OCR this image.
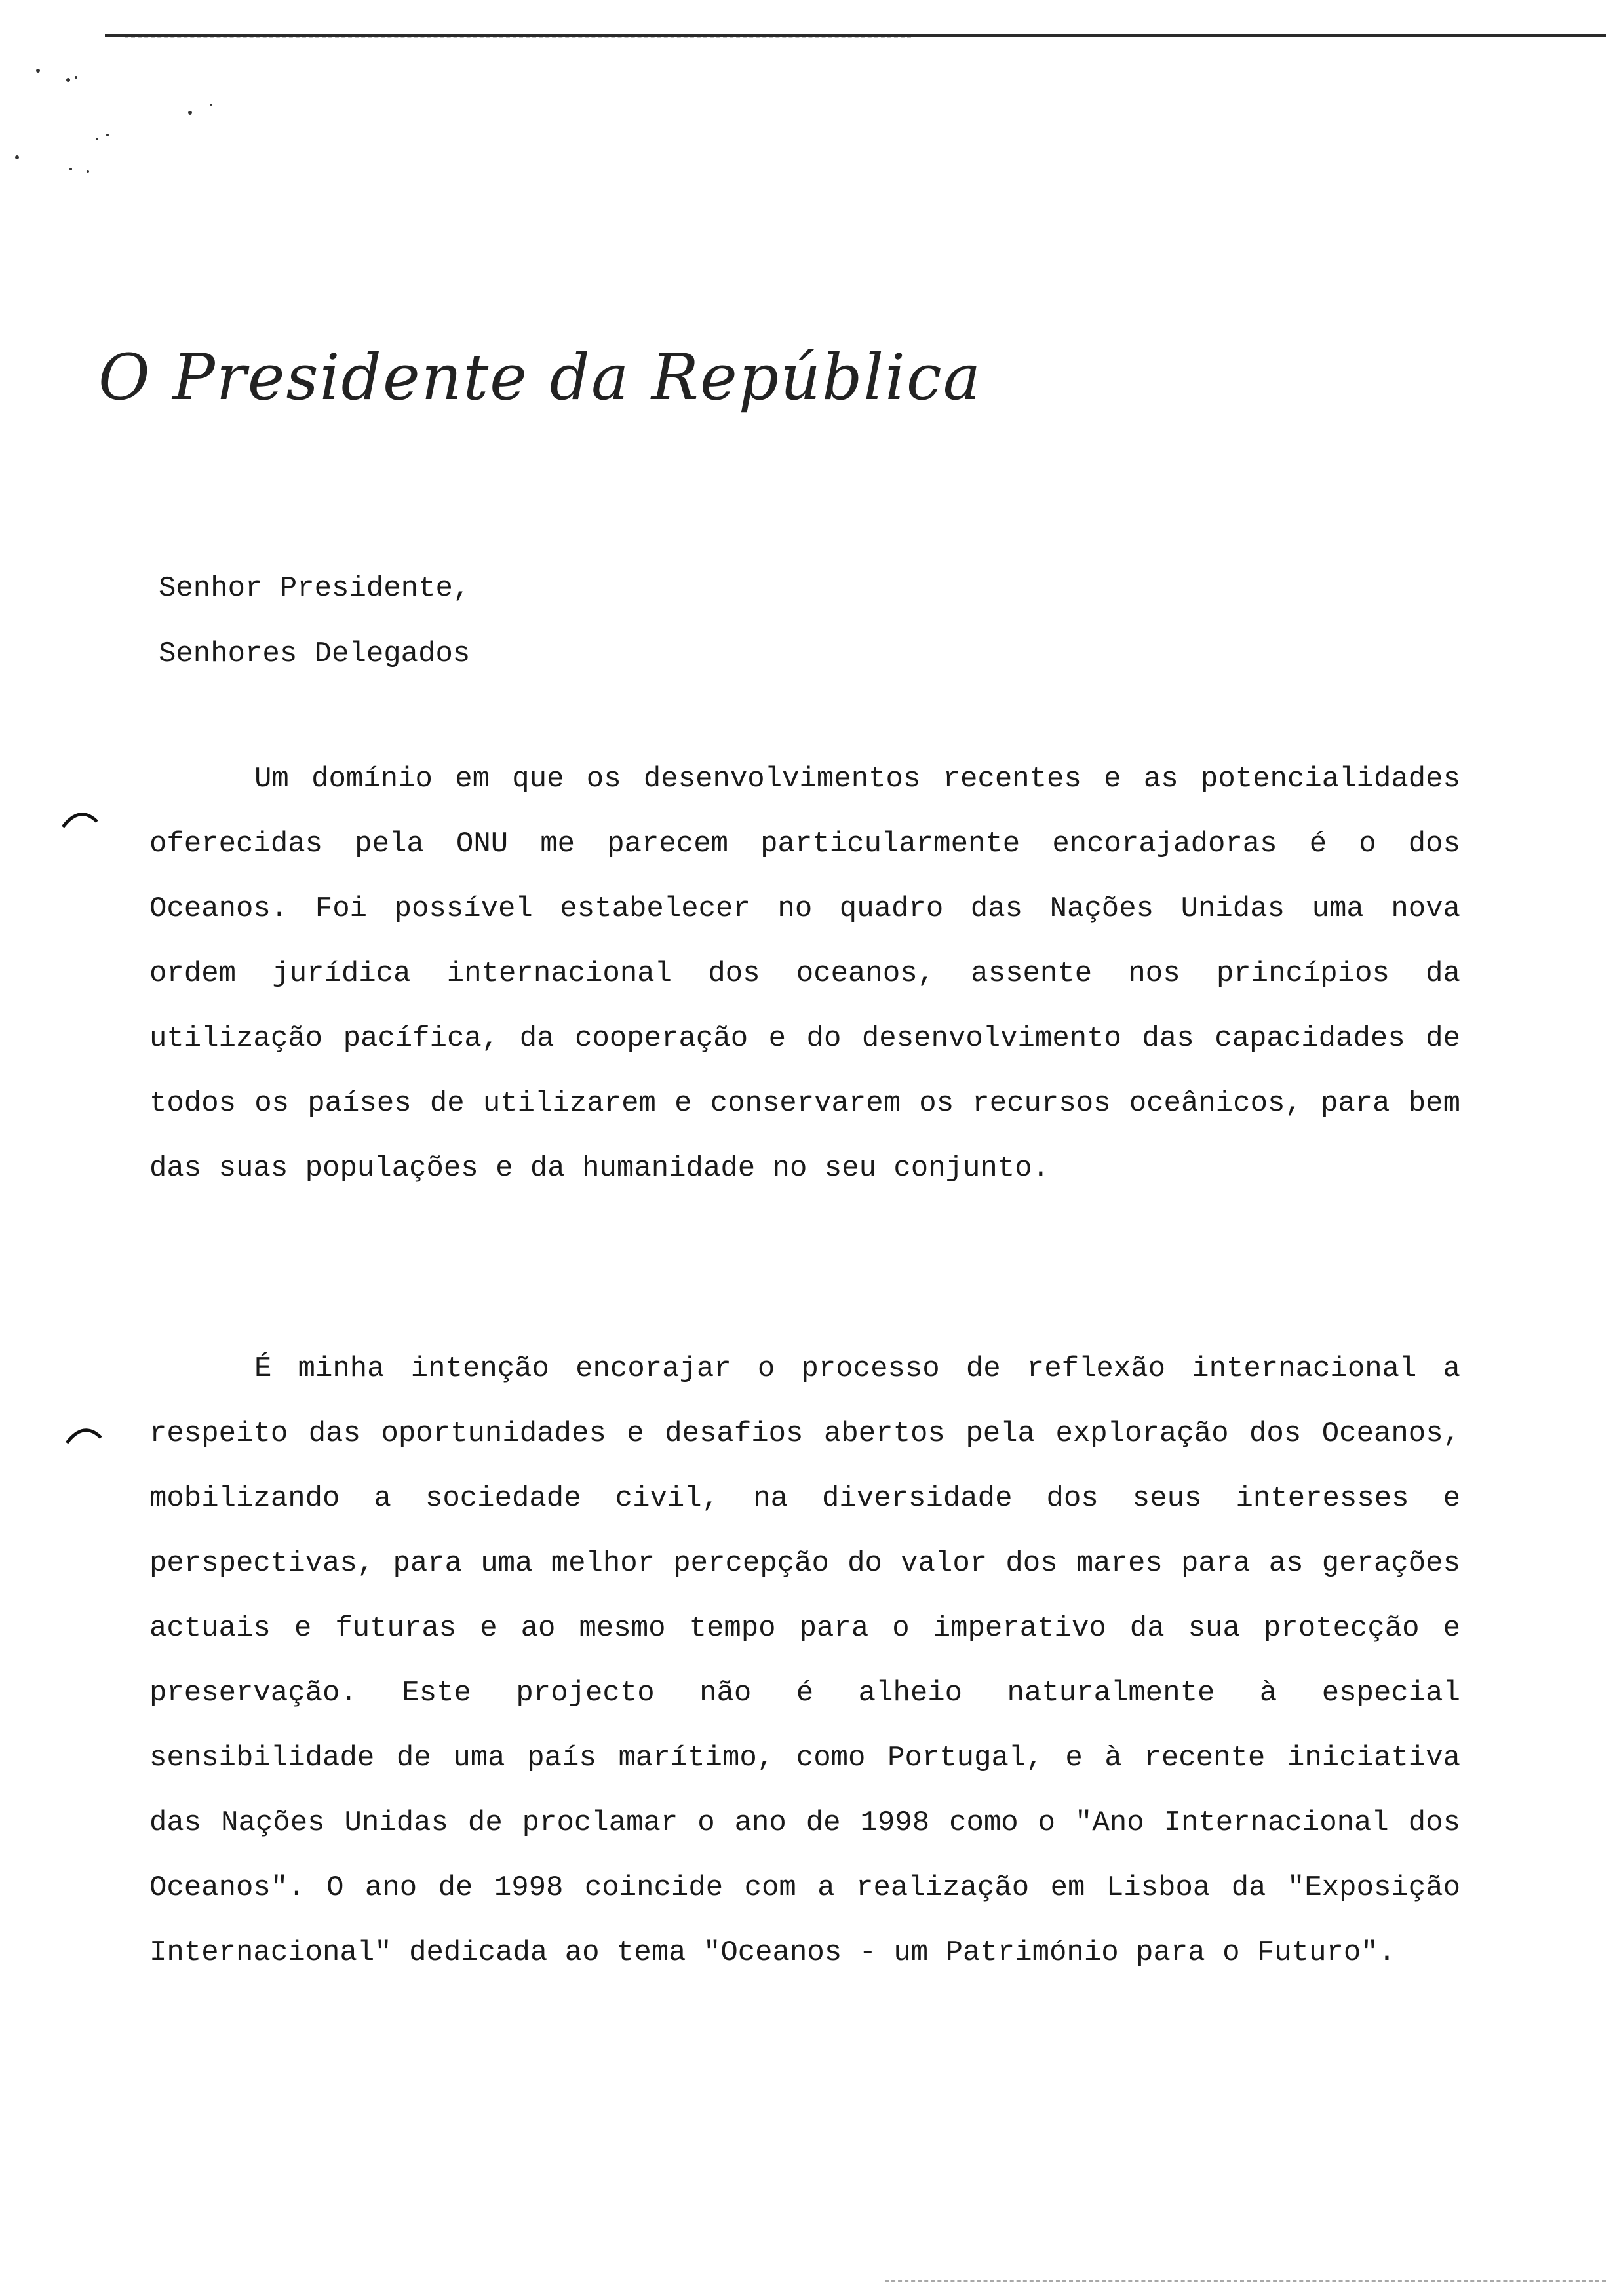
O Presidente da República
Senhor Presidente,
Senhores Delegados
Um domínio em que os desenvolvimentos recentes e as potencialidades oferecidas pela ONU me parecem particularmente encorajadoras é o dos Oceanos. Foi possível estabelecer no quadro das Nações Unidas uma nova ordem jurídica internacional dos oceanos, assente nos princípios da utilização pacífica, da cooperação e do desenvolvimento das capacidades de todos os países de utilizarem e conservarem os recursos oceânicos, para bem das suas populações e da humanidade no seu conjunto.
É minha intenção encorajar o processo de reflexão internacional a respeito das oportunidades e desafios abertos pela exploração dos Oceanos, mobilizando a sociedade civil, na diversidade dos seus interesses e perspectivas, para uma melhor percepção do valor dos mares para as gerações actuais e futuras e ao mesmo tempo para o imperativo da sua protecção e preservação. Este projecto não é alheio naturalmente à especial sensibilidade de uma país marítimo, como Portugal, e à recente iniciativa das Nações Unidas de proclamar o ano de 1998 como o "Ano Internacional dos Oceanos". O ano de 1998 coincide com a realização em Lisboa da "Exposição Internacional" dedicada ao tema "Oceanos - um Património para o Futuro".
